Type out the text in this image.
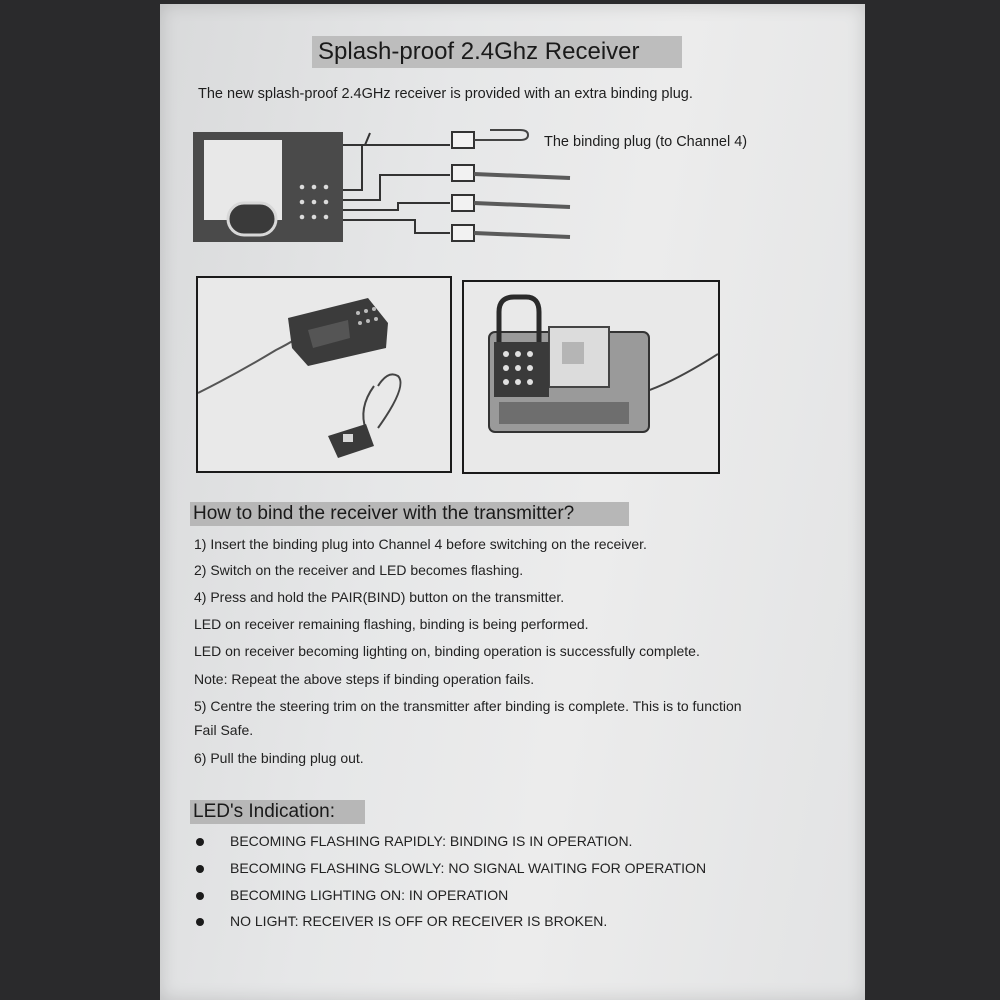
Splash-proof 2.4Ghz Receiver
The new splash-proof 2.4GHz receiver is provided with an extra binding plug.
The binding plug (to Channel 4)
How to bind the receiver with the transmitter?
1) Insert the binding plug into Channel 4 before switching on the receiver.
2) Switch on the receiver and LED becomes flashing.
4) Press and hold the PAIR(BIND) button on the transmitter.
LED on receiver remaining flashing, binding is being performed.
LED on receiver becoming lighting on, binding operation is successfully complete.
Note: Repeat the above steps if binding operation fails.
5) Centre the steering trim on the transmitter after binding is complete. This is to function
Fail Safe.
6) Pull the binding plug out.
LED's Indication:
BECOMING FLASHING RAPIDLY: BINDING IS IN OPERATION.
BECOMING FLASHING SLOWLY: NO SIGNAL WAITING FOR OPERATION
BECOMING LIGHTING ON: IN OPERATION
NO LIGHT: RECEIVER IS OFF OR RECEIVER IS BROKEN.
